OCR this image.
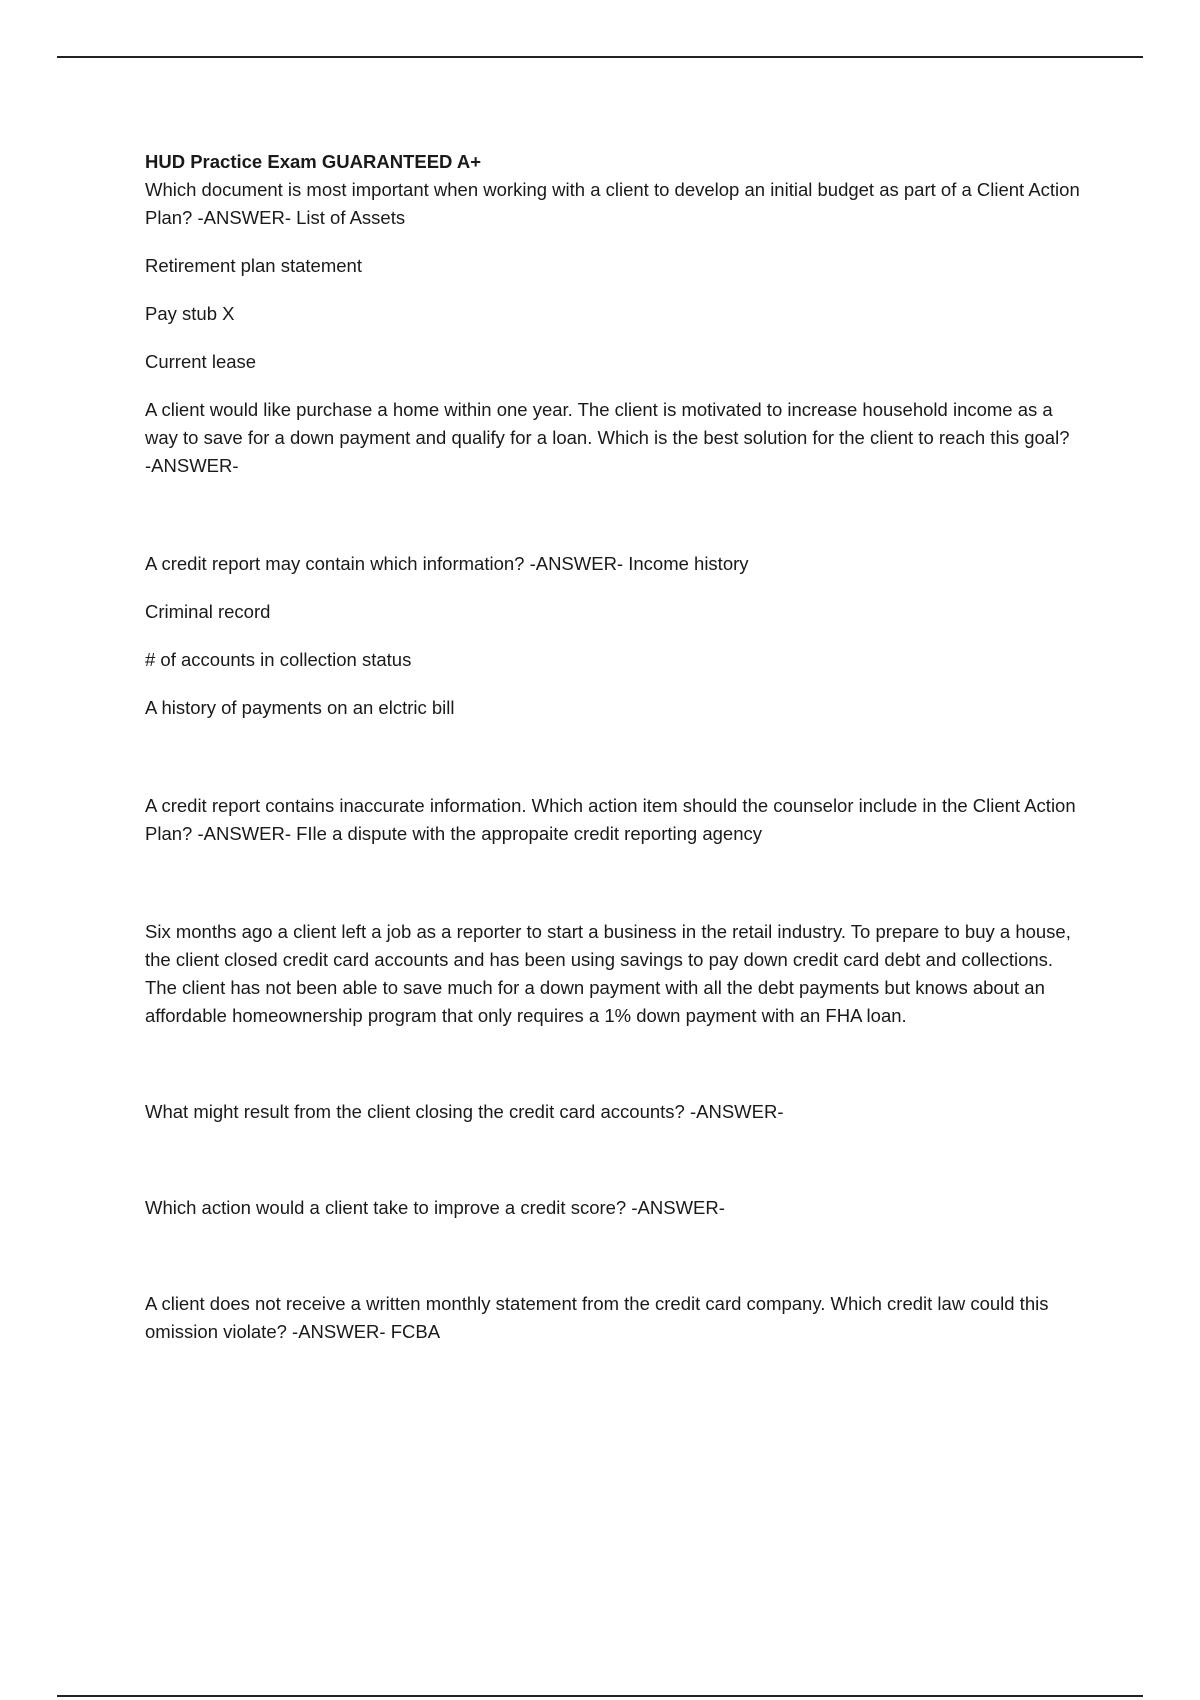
HUD Practice Exam GUARANTEED A+

Which document is most important when working with a client to develop an initial budget as part of a Client Action Plan? -ANSWER- List of Assets

Retirement plan statement

Pay stub X

Current lease

A client would like purchase a home within one year. The client is motivated to increase household income as a way to save for a down payment and qualify for a loan. Which is the best solution for the client to reach this goal? -ANSWER-

A credit report may contain which information? -ANSWER- Income history

Criminal record

# of accounts in collection status

A history of payments on an elctric bill

A credit report contains inaccurate information. Which action item should the counselor include in the Client Action Plan? -ANSWER- FIle a dispute with the appropaite credit reporting agency

Six months ago a client left a job as a reporter to start a business in the retail industry. To prepare to buy a house, the client closed credit card accounts and has been using savings to pay down credit card debt and collections. The client has not been able to save much for a down payment with all the debt payments but knows about an affordable homeownership program that only requires a 1% down payment with an FHA loan.

What might result from the client closing the credit card accounts? -ANSWER-

Which action would a client take to improve a credit score? -ANSWER-

A client does not receive a written monthly statement from the credit card company. Which credit law could this omission violate? -ANSWER- FCBA
